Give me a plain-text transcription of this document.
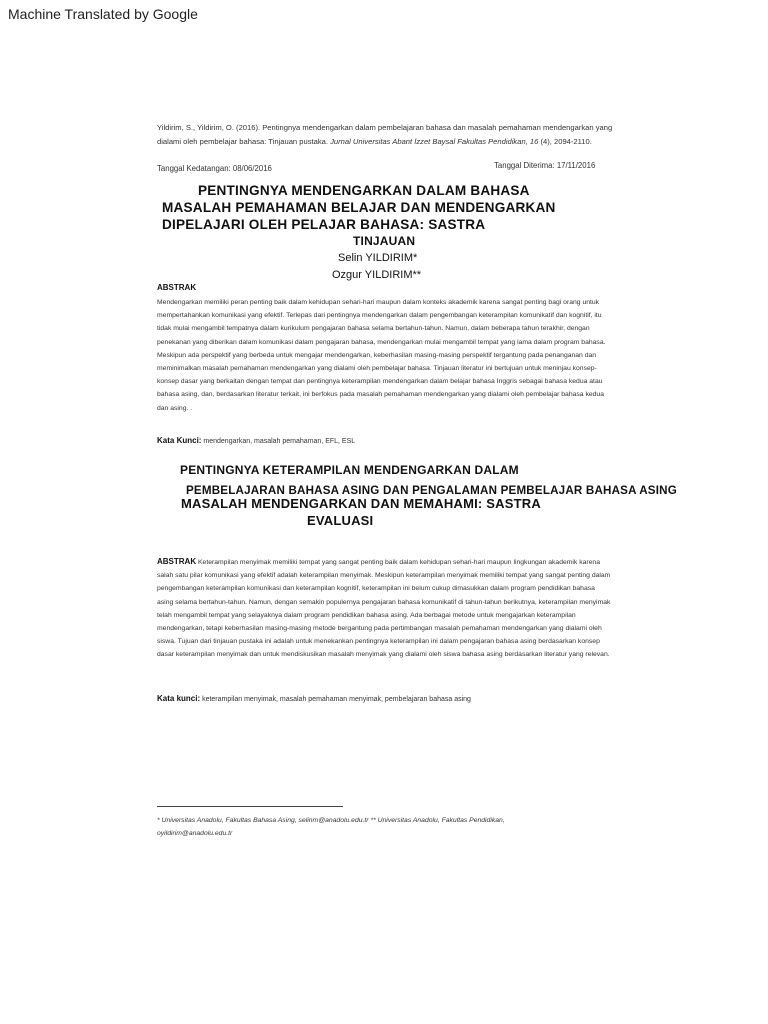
Machine Translated by Google
Yildirim, S., Yildirim, O. (2016). Pentingnya mendengarkan dalam pembelajaran bahasa dan masalah pemahaman mendengarkan yang dialami oleh pembelajar bahasa: Tinjauan pustaka. Jurnal Universitas Abant İzzet Baysal Fakultas Pendidikan, 16 (4), 2094-2110.
Tanggal Kedatangan: 08/06/2016	Tanggal Diterima: 17/11/2016
PENTINGNYA MENDENGARKAN DALAM BAHASA
MASALAH PEMAHAMAN BELAJAR DAN MENDENGARKAN
DIPELAJARI OLEH PELAJAR BAHASA: SASTRA
TINJAUAN
Selin YILDIRIM*
Ozgur YILDIRIM**
ABSTRAK
Mendengarkan memiliki peran penting baik dalam kehidupan sehari-hari maupun dalam konteks akademik karena sangat penting bagi orang untuk mempertahankan komunikasi yang efektif. Terlepas dari pentingnya mendengarkan dalam pengembangan keterampilan komunikatif dan kognitif, itu tidak mulai mengambil tempatnya dalam kurikulum pengajaran bahasa selama bertahun-tahun. Namun, dalam beberapa tahun terakhir, dengan penekanan yang diberikan dalam komunikasi dalam pengajaran bahasa, mendengarkan mulai mengambil tempat yang lama dalam program bahasa. Meskipun ada perspektif yang berbeda untuk mengajar mendengarkan, keberhasilan masing-masing perspektif tergantung pada penanganan dan meminimalkan masalah pemahaman mendengarkan yang dialami oleh pembelajar bahasa. Tinjauan literatur ini bertujuan untuk meninjau konsep-konsep dasar yang berkaitan dengan tempat dan pentingnya keterampilan mendengarkan dalam belajar bahasa Inggris sebagai bahasa kedua atau bahasa asing, dan, berdasarkan literatur terkait, ini berfokus pada masalah pemahaman mendengarkan yang dialami oleh pembelajar bahasa kedua dan asing. .
Kata Kunci: mendengarkan, masalah pemahaman, EFL, ESL
PENTINGNYA KETERAMPILAN MENDENGARKAN DALAM
PEMBELAJARAN BAHASA ASING DAN PENGALAMAN PEMBELAJAR BAHASA ASING
MASALAH MENDENGARKAN DAN MEMAHAMI: SASTRA
EVALUASI
ABSTRAK Keterampilan menyimak memiliki tempat yang sangat penting baik dalam kehidupan sehari-hari maupun lingkungan akademik karena salah satu pilar komunikasi yang efektif adalah keterampilan menyimak. Meskipun keterampilan menyimak memiliki tempat yang sangat penting dalam pengembangan keterampilan komunikasi dan keterampilan kognitif, keterampilan ini belum cukup dimasukkan dalam program pendidikan bahasa asing selama bertahun-tahun. Namun, dengan semakin populernya pengajaran bahasa komunikatif di tahun-tahun berikutnya, keterampilan menyimak telah mengambil tempat yang selayaknya dalam program pendidikan bahasa asing. Ada berbagai metode untuk mengajarkan keterampilan mendengarkan, tetapi keberhasilan masing-masing metode bergantung pada pertimbangan masalah pemahaman mendengarkan yang dialami oleh siswa. Tujuan dari tinjauan pustaka ini adalah untuk menekankan pentingnya keterampilan ini dalam pengajaran bahasa asing berdasarkan konsep dasar keterampilan menyimak dan untuk mendiskusikan masalah menyimak yang dialami oleh siswa bahasa asing berdasarkan literatur yang relevan.
Kata kunci: keterampilan menyimak, masalah pemahaman menyimak, pembelajaran bahasa asing
* Universitas Anadolu, Fakultas Bahasa Asing, selinm@anadolu.edu.tr ** Universitas Anadolu, Fakultas Pendidikan, oyildirim@anadolu.edu.tr
